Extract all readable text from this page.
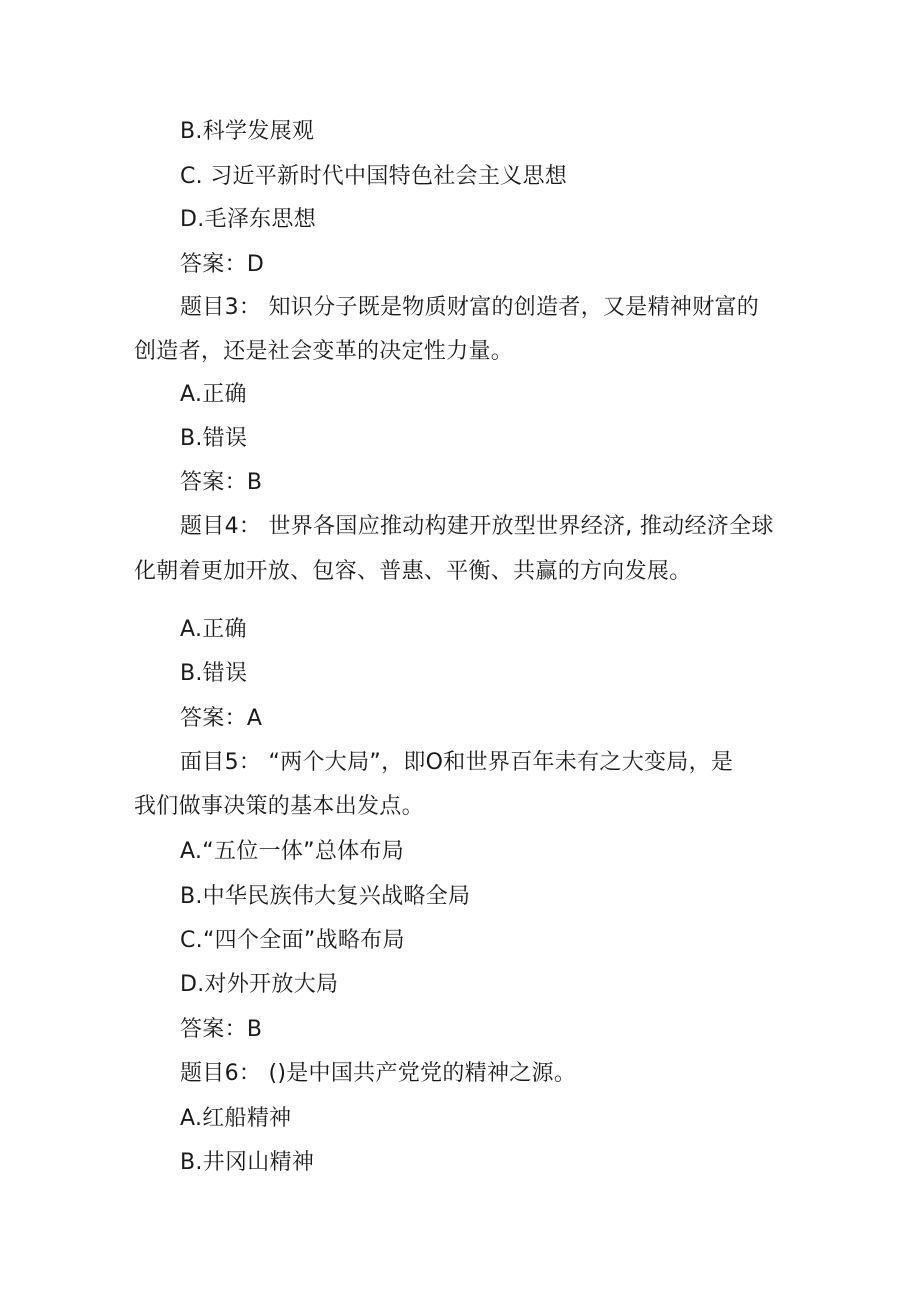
B.科学发展观
C. 习近平新时代中国特色社会主义思想
D.毛泽东思想
答案：D
题目3： 知识分子既是物质财富的创造者，又是精神财富的
创造者，还是社会变革的决定性力量。
A.正确
B.错误
答案：B
题目4： 世界各国应推动构建开放型世界经济, 推动经济全球
化朝着更加开放、包容、普惠、平衡、共赢的方向发展。
A.正确
B.错误
答案：A
面目5： “两个大局”，即O和世界百年未有之大变局，是
我们做事决策的基本出发点。
A.“五位一体”总体布局
B.中华民族伟大复兴战略全局
C.“四个全面”战略布局
D.对外开放大局
答案：B
题目6： ()是中国共产党党的精神之源。
A.红船精神
B.井冈山精神
